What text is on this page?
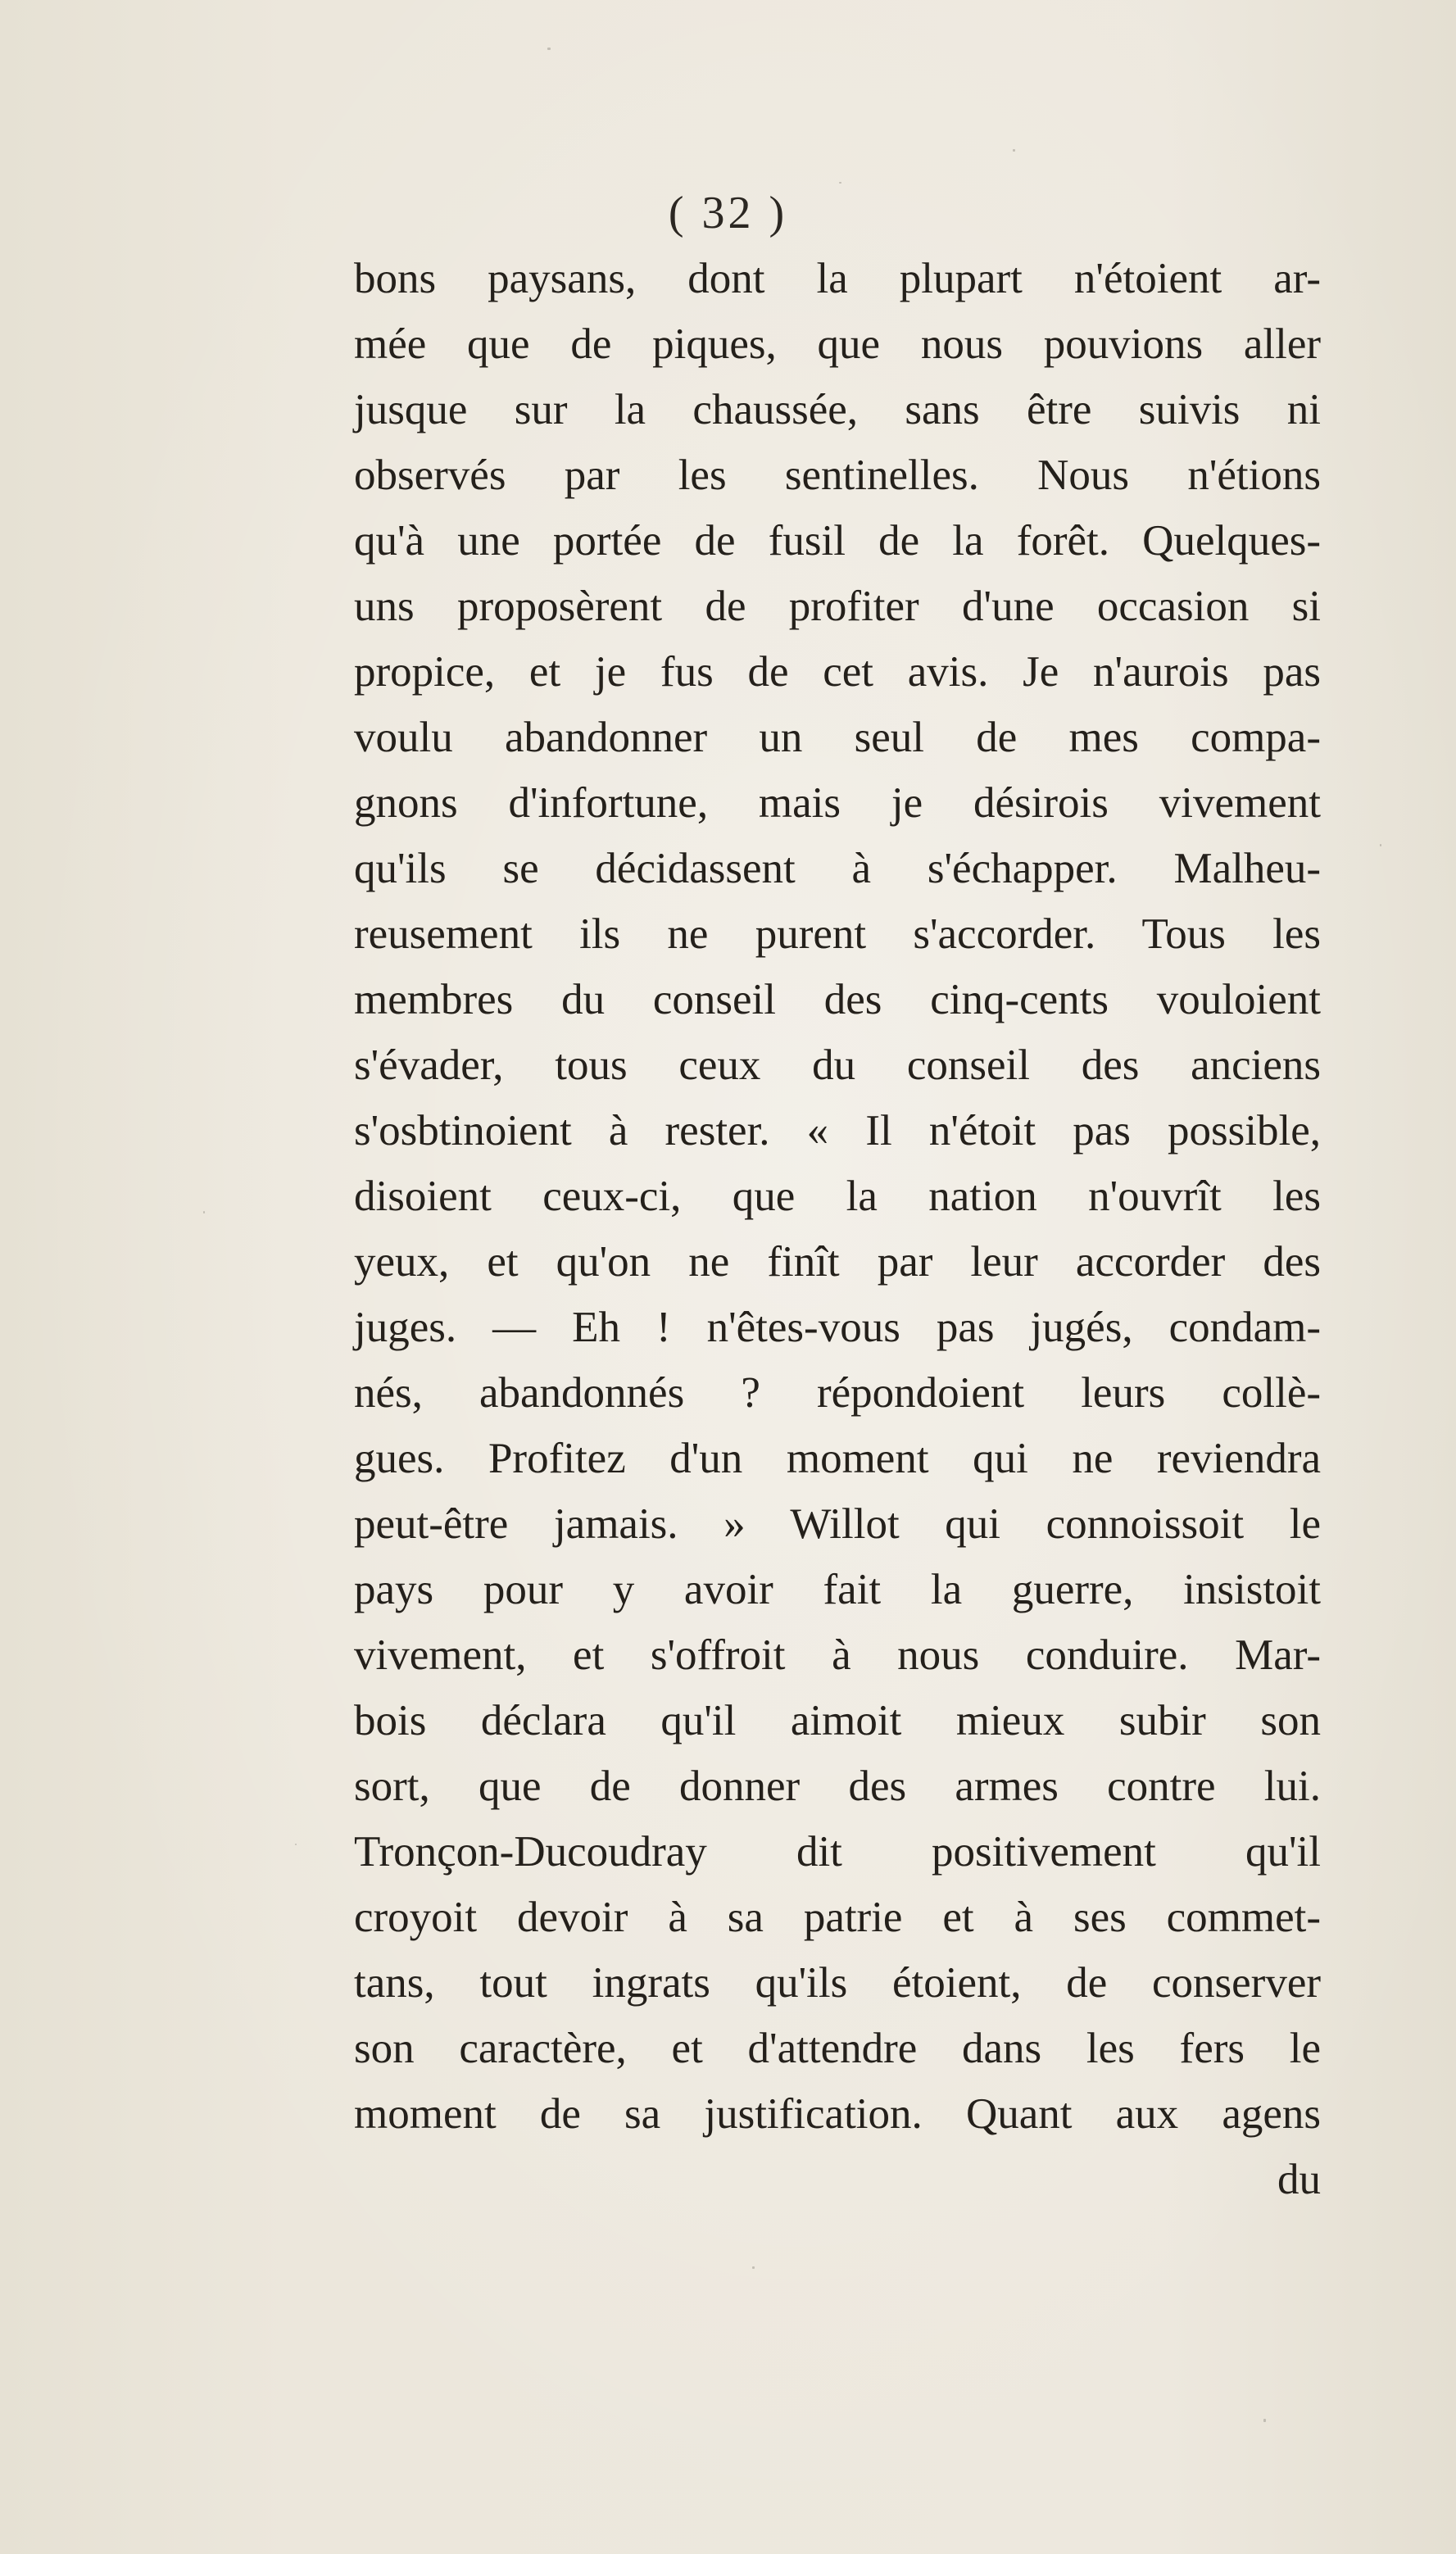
( 32 )
bons paysans, dont la plupart n'étoient ar-
mée que de piques, que nous pouvions aller
jusque sur la chaussée, sans être suivis ni
observés par les sentinelles. Nous n'étions
qu'à une portée de fusil de la forêt. Quelques-
uns proposèrent de profiter d'une occasion si
propice, et je fus de cet avis. Je n'aurois pas
voulu abandonner un seul de mes compa-
gnons d'infortune, mais je désirois vivement
qu'ils se décidassent à s'échapper. Malheu-
reusement ils ne purent s'accorder. Tous les
membres du conseil des cinq-cents vouloient
s'évader, tous ceux du conseil des anciens
s'osbtinoient à rester. « Il n'étoit pas possible,
disoient ceux-ci, que la nation n'ouvrît les
yeux, et qu'on ne finît par leur accorder des
juges. — Eh ! n'êtes-vous pas jugés, condam-
nés, abandonnés ? répondoient leurs collè-
gues. Profitez d'un moment qui ne reviendra
peut-être jamais. » Willot qui connoissoit le
pays pour y avoir fait la guerre, insistoit
vivement, et s'offroit à nous conduire. Mar-
bois déclara qu'il aimoit mieux subir son
sort, que de donner des armes contre lui.
Tronçon-Ducoudray dit positivement qu'il
croyoit devoir à sa patrie et à ses commet-
tans, tout ingrats qu'ils étoient, de conserver
son caractère, et d'attendre dans les fers le
moment de sa justification. Quant aux agens
du
